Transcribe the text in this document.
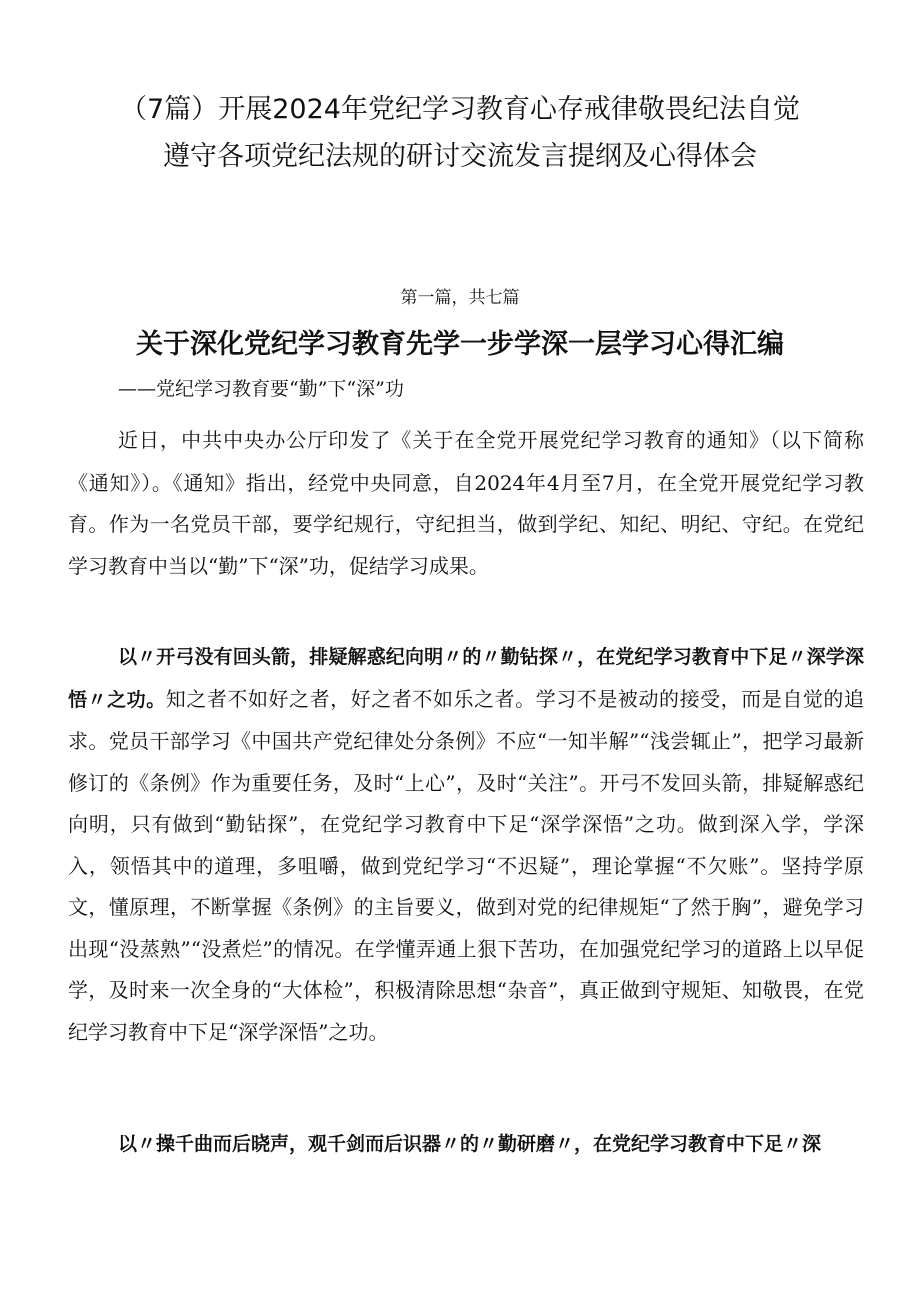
（7篇）开展2024年党纪学习教育心存戒律敬畏纪法自觉遵守各项党纪法规的研讨交流发言提纲及心得体会

第一篇，共七篇

关于深化党纪学习教育先学一步学深一层学习心得汇编

——党纪学习教育要“勤”下“深”功

近日，中共中央办公厅印发了《关于在全党开展党纪学习教育的通知》（以下简称《通知》）。《通知》指出，经党中央同意，自2024年4月至7月，在全党开展党纪学习教育。作为一名党员干部，要学纪规行，守纪担当，做到学纪、知纪、明纪、守纪。在党纪学习教育中当以“勤”下“深”功，促结学习成果。

以〃开弓没有回头箭，排疑解惑纪向明〃的〃勤钻探〃，在党纪学习教育中下足〃深学深悟〃之功。知之者不如好之者，好之者不如乐之者。学习不是被动的接受，而是自觉的追求。党员干部学习《中国共产党纪律处分条例》不应“一知半解”“浅尝辄止”，把学习最新修订的《条例》作为重要任务，及时“上心”，及时“关注”。开弓不发回头箭，排疑解惑纪向明，只有做到“勤钻探”，在党纪学习教育中下足“深学深悟”之功。做到深入学，学深入，领悟其中的道理，多咀嚼，做到党纪学习“不迟疑”，理论掌握“不欠账”。坚持学原文，懂原理，不断掌握《条例》的主旨要义，做到对党的纪律规矩“了然于胸”，避免学习出现“没蒸熟”“没煮烂”的情况。在学懂弄通上狠下苦功，在加强党纪学习的道路上以早促学，及时来一次全身的“大体检”，积极清除思想“杂音”，真正做到守规矩、知敬畏，在党纪学习教育中下足“深学深悟”之功。

以〃操千曲而后晓声，观千剑而后识器〃的〃勤研磨〃，在党纪学习教育中下足〃深
